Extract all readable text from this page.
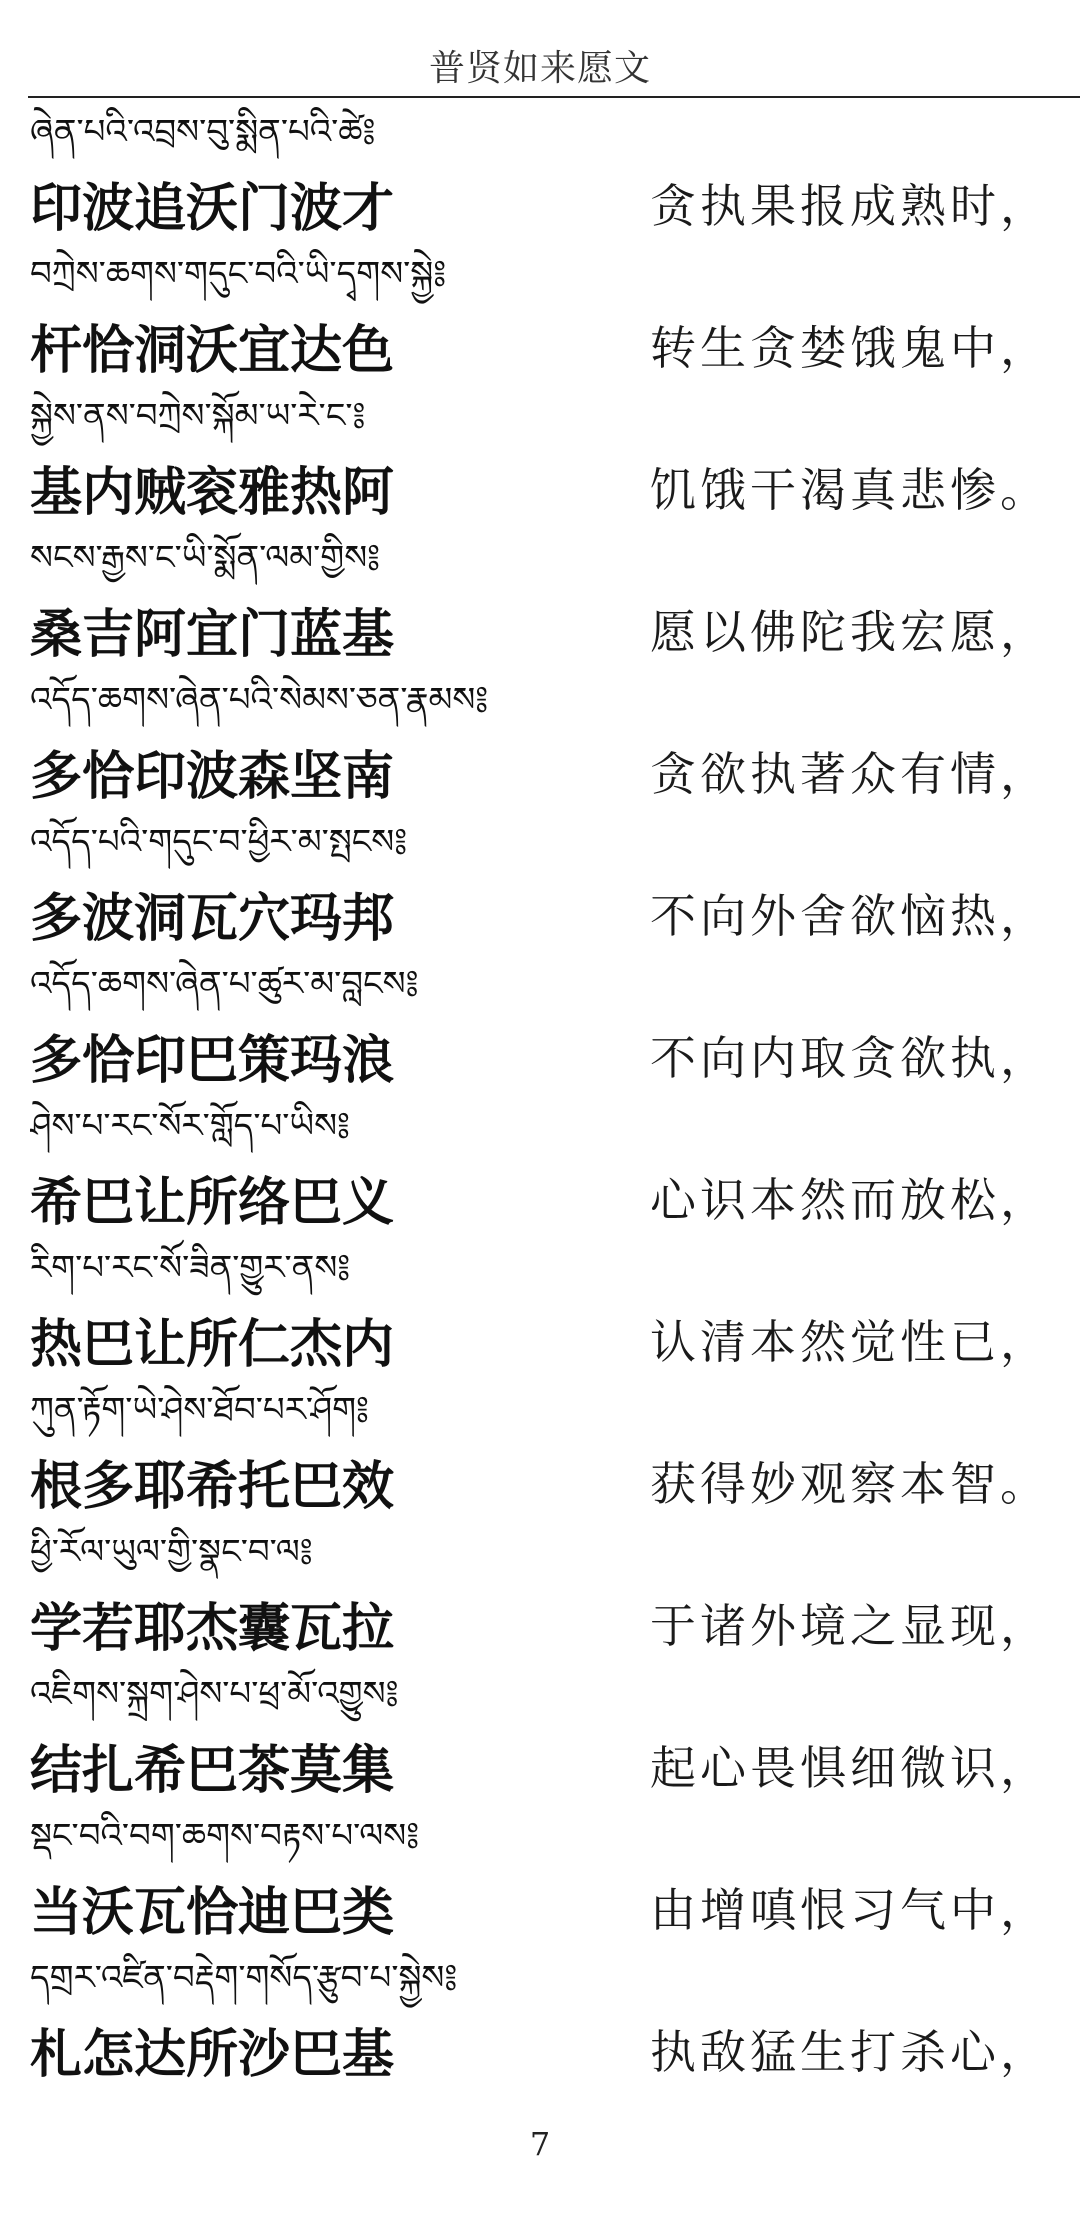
普贤如来愿文
ཞེན་པའི་འབྲས་བུ་སྨིན་པའི་ཚེ༔
印波追沃门波才	贪执果报成熟时，
བཀྲེས་ཆགས་གདུང་བའི་ཡི་དྭགས་སྐྱེ༔
杆恰洞沃宜达色	转生贪婪饿鬼中，
སྐྱེས་ནས་བཀྲེས་སྐོམ་ཡ་རེ་ང་༔
基内贼衮雅热阿	饥饿干渴真悲惨。
སངས་རྒྱས་ང་ཡི་སྨོན་ལམ་གྱིས༔
桑吉阿宜门蓝基	愿以佛陀我宏愿，
འདོད་ཆགས་ཞེན་པའི་སེམས་ཅན་རྣམས༔
多恰印波森坚南	贪欲执著众有情，
འདོད་པའི་གདུང་བ་ཕྱིར་མ་སྤངས༔
多波洞瓦穴玛邦	不向外舍欲恼热，
འདོད་ཆགས་ཞེན་པ་ཚུར་མ་བླངས༔
多恰印巴策玛浪	不向内取贪欲执，
ཤེས་པ་རང་སོར་གློད་པ་ཡིས༔
希巴让所络巴义	心识本然而放松，
རིག་པ་རང་སོ་ཟིན་གྱུར་ནས༔
热巴让所仁杰内	认清本然觉性已，
ཀུན་རྟོག་ཡེ་ཤེས་ཐོབ་པར་ཤོག༔
根多耶希托巴效	获得妙观察本智。
ཕྱི་རོལ་ཡུལ་གྱི་སྣང་བ་ལ༔
学若耶杰囊瓦拉	于诸外境之显现，
འཇིགས་སྐྲག་ཤེས་པ་ཕྲ་མོ་འགྱུས༔
结扎希巴茶莫集	起心畏惧细微识，
སྡང་བའི་བག་ཆགས་བརྟས་པ་ལས༔
当沃瓦恰迪巴类	由增嗔恨习气中，
དགྲར་འཛིན་བརྡེག་གསོད་རྩུབ་པ་སྐྱེས༔
札怎达所沙巴基	执敌猛生打杀心，
7
